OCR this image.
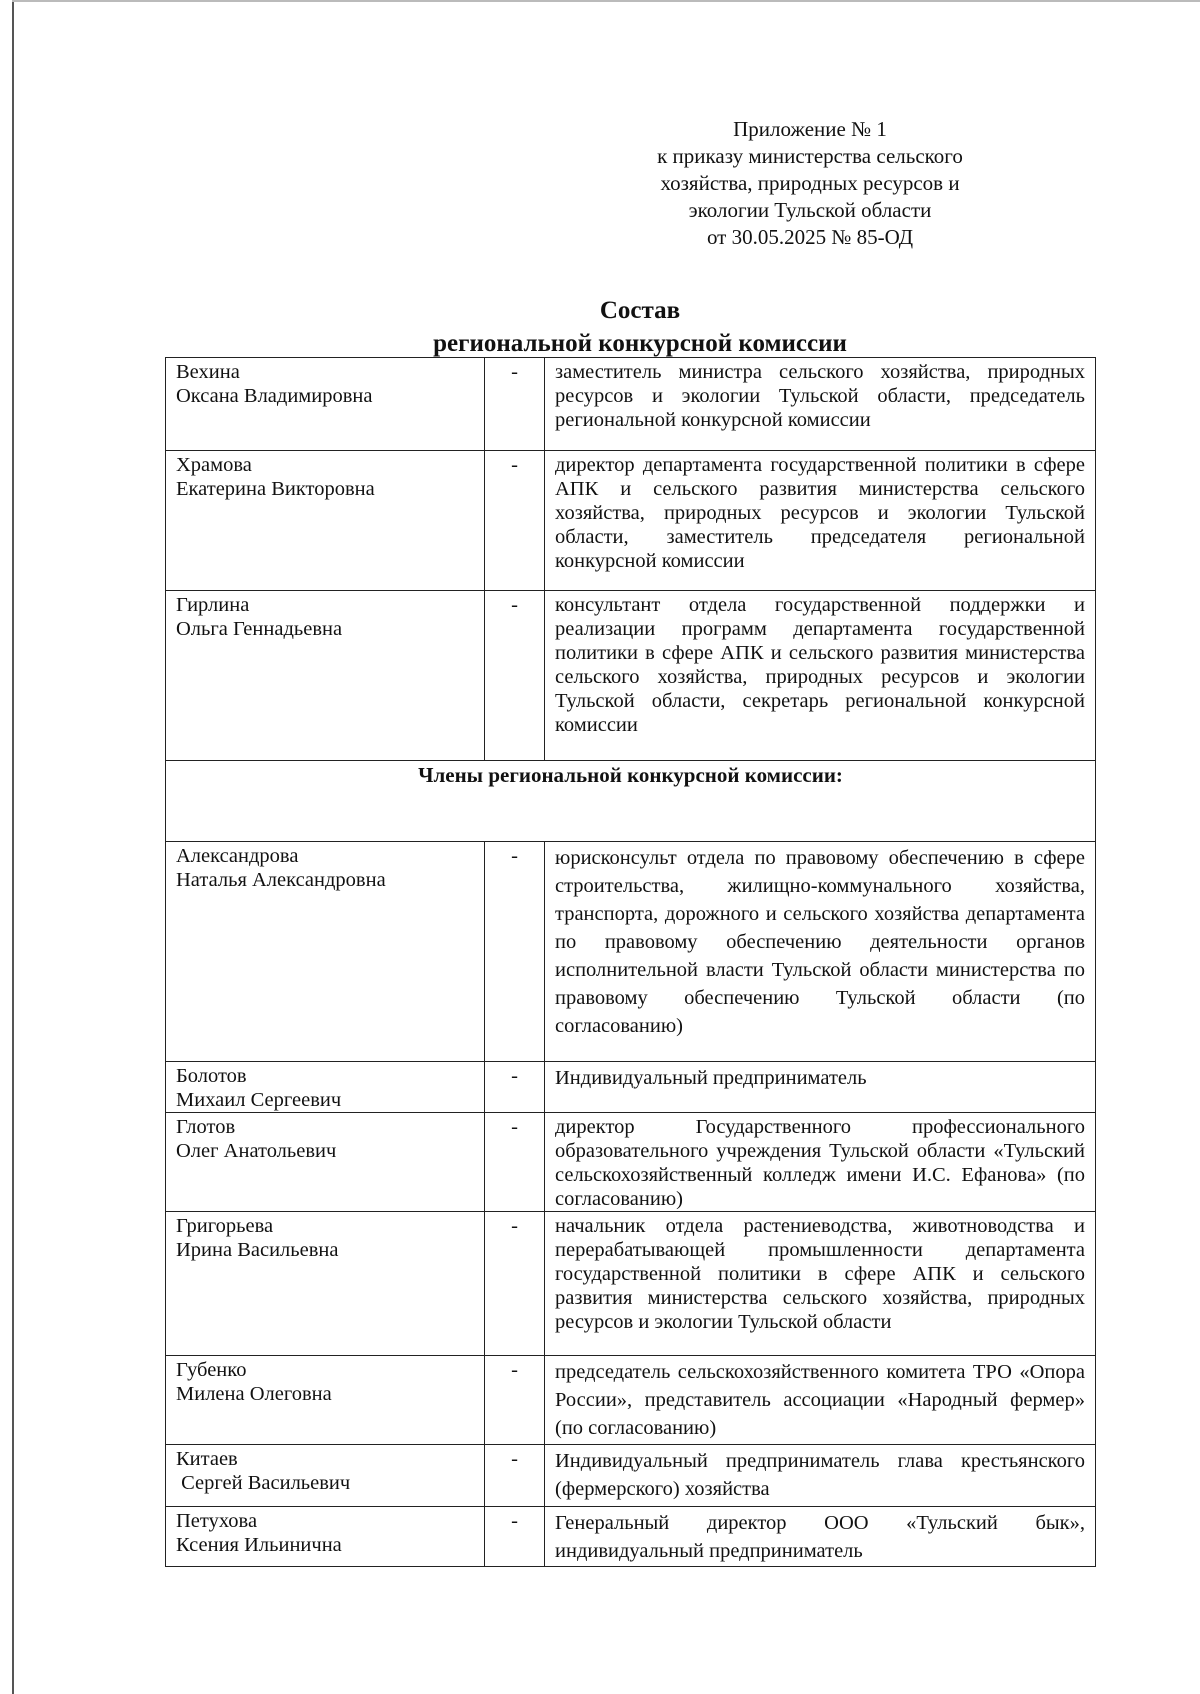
Приложение № 1
к приказу министерства сельского
хозяйства, природных ресурсов и
экологии Тульской области
от 30.05.2025 № 85-ОД
Состав
региональной конкурсной комиссии
Вехина
Оксана Владимировна	-	заместитель министра сельского хозяйства, природных ресурсов и экологии Тульской области, председатель региональной конкурсной комиссии

Храмова
Екатерина Викторовна	-	директор департамента государственной политики в сфере АПК и сельского развития министерства сельского хозяйства, природных ресурсов и экологии Тульской области, заместитель председателя региональной конкурсной комиссии

Гирлина
Ольга Геннадьевна	-	консультант отдела государственной поддержки и реализации программ департамента государственной политики в сфере АПК и сельского развития министерства сельского хозяйства, природных ресурсов и экологии Тульской области, секретарь региональной конкурсной комиссии
Члены региональной конкурсной комиссии:		

Александрова
Наталья Александровна	-	юрисконсульт отдела по правовому обеспечению в сфере строительства, жилищно-коммунального хозяйства, транспорта, дорожного и сельского хозяйства департамента по правовому обеспечению деятельности органов исполнительной власти Тульской области министерства по правовому обеспечению Тульской области (по согласованию)

Болотов
Михаил Сергеевич	-	Индивидуальный предприниматель

Глотов
Олег Анатольевич	-	директор Государственного профессионального образовательного учреждения Тульской области «Тульский сельскохозяйственный колледж имени И.С. Ефанова» (по согласованию)

Григорьева
Ирина Васильевна	-	начальник отдела растениеводства, животноводства и перерабатывающей промышленности департамента государственной политики в сфере АПК и сельского развития министерства сельского хозяйства, природных ресурсов и экологии Тульской области

Губенко
Милена Олеговна	-	председатель сельскохозяйственного комитета ТРО «Опора России», представитель ассоциации «Народный фермер» (по согласованию)

Китаев
Сергей Васильевич	-	Индивидуальный предприниматель глава крестьянского (фермерского) хозяйства

Петухова
Ксения Ильинична	-	Генеральный директор ООО «Тульский бык», индивидуальный предприниматель
